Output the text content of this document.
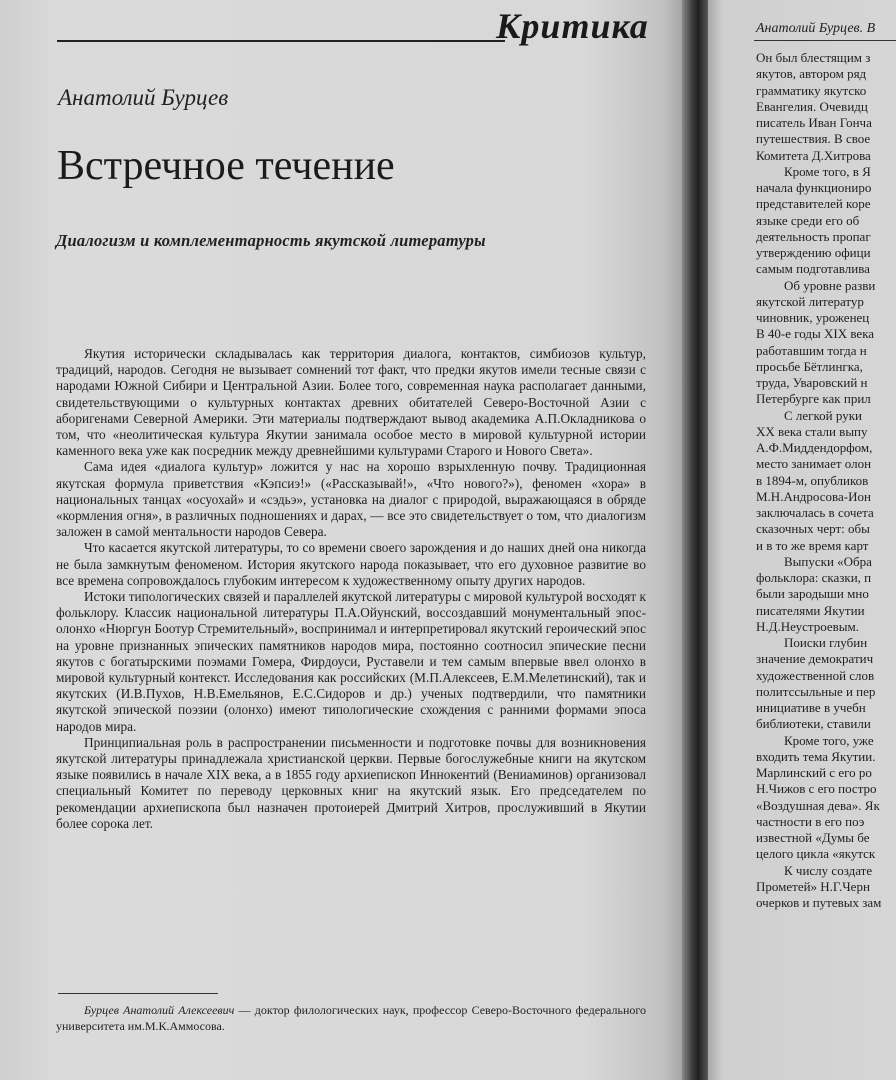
Критика
Анатолий Бурцев
Встречное течение
Диалогизм и комплементарность якутской литературы

Якутия исторически складывалась как территория диалога, контактов, симбиозов культур, традиций, народов. Сегодня не вызывает сомнений тот факт, что предки якутов имели тесные связи с народами Южной Сибири и Центральной Азии. Более того, современная наука располагает данными, свидетельствующими о культурных контактах древних обитателей Северо-Восточной Азии с аборигенами Северной Америки. Эти материалы подтверждают вывод академика А.П.Окладникова о том, что «неолитическая культура Якутии занимала особое место в мировой культурной истории каменного века уже как посредник между древнейшими культурами Старого и Нового Света».

Сама идея «диалога культур» ложится у нас на хорошо взрыхленную почву. Традиционная якутская формула приветствия «Кэпсиэ!» («Рассказывай!», «Что нового?»), феномен «хора» в национальных танцах «осуохай» и «сэдьэ», установка на диалог с природой, выражающаяся в обряде «кормления огня», в различных подношениях и дарах, — все это свидетельствует о том, что диалогизм заложен в самой ментальности народов Севера.

Что касается якутской литературы, то со времени своего зарождения и до наших дней она никогда не была замкнутым феноменом. История якутского народа показывает, что его духовное развитие во все времена сопровождалось глубоким интересом к художественному опыту других народов.

Истоки типологических связей и параллелей якутской литературы с мировой культурой восходят к фольклору. Классик национальной литературы П.А.Ойунский, воссоздавший монументальный эпос-олонхо «Нюргун Боотур Стремительный», воспринимал и интерпретировал якутский героический эпос на уровне признанных эпических памятников народов мира, постоянно соотносил эпические песни якутов с богатырскими поэмами Гомера, Фирдоуси, Руставели и тем самым впервые ввел олонхо в мировой культурный контекст. Исследования как российских (М.П.Алексеев, Е.М.Мелетинский), так и якутских (И.В.Пухов, Н.В.Емельянов, Е.С.Сидоров и др.) ученых подтвердили, что памятники якутской эпической поэзии (олонхо) имеют типологические схождения с ранними формами эпоса народов мира.

Принципиальная роль в распространении письменности и подготовке почвы для возникновения якутской литературы принадлежала христианской церкви. Первые богослужебные книги на якутском языке появились в начале XIX века, а в 1855 году архиепископ Иннокентий (Вениаминов) организовал специальный Комитет по переводу церковных книг на якутский язык. Его председателем по рекомендации архиепископа был назначен протоиерей Дмитрий Хитров, прослуживший в Якутии более сорока лет.

Бурцев Анатолий Алексеевич — доктор филологических наук, профессор Северо-Восточного федерального университета им.М.К.Аммосова.
Анатолий Бурцев. В
Он был блестящим з
якутов, автором ряд
грамматику якутско
Евангелия. Очевидц
писатель Иван Гонча
путешествия. В свое
Комитета Д.Хитрова
Кроме того, в Я
начала функциониро
представителей коре
языке среди его об
деятельность пропаг
утверждению офици
самым подготавлива
Об уровне разви
якутской литератур
чиновник, уроженец
В 40-е годы XIX века
работавшим тогда н
просьбе Бётлингка,
труда, Уваровский н
Петербурге как прил
С легкой руки
XX века стали выпу
А.Ф.Миддендорфом,
место занимает олон
в 1894-м, опубликов
М.Н.Андросова-Ион
заключалась в сочета
сказочных черт: обы
и в то же время карт
Выпуски «Обра
фольклора: сказки, п
были зародыши мно
писателями Якутии
Н.Д.Неустроевым.
Поиски глубин
значение демократич
художественной слов
политссыльные и пер
инициативе в учебн
библиотеки, ставили
Кроме того, уже
входить тема Якутии.
Марлинский с его ро
Н.Чижов с его постро
«Воздушная дева». Як
частности в его поэ
известной «Думы бе
целого цикла «якутск
К числу создате
Прометей» Н.Г.Черн
очерков и путевых зам
